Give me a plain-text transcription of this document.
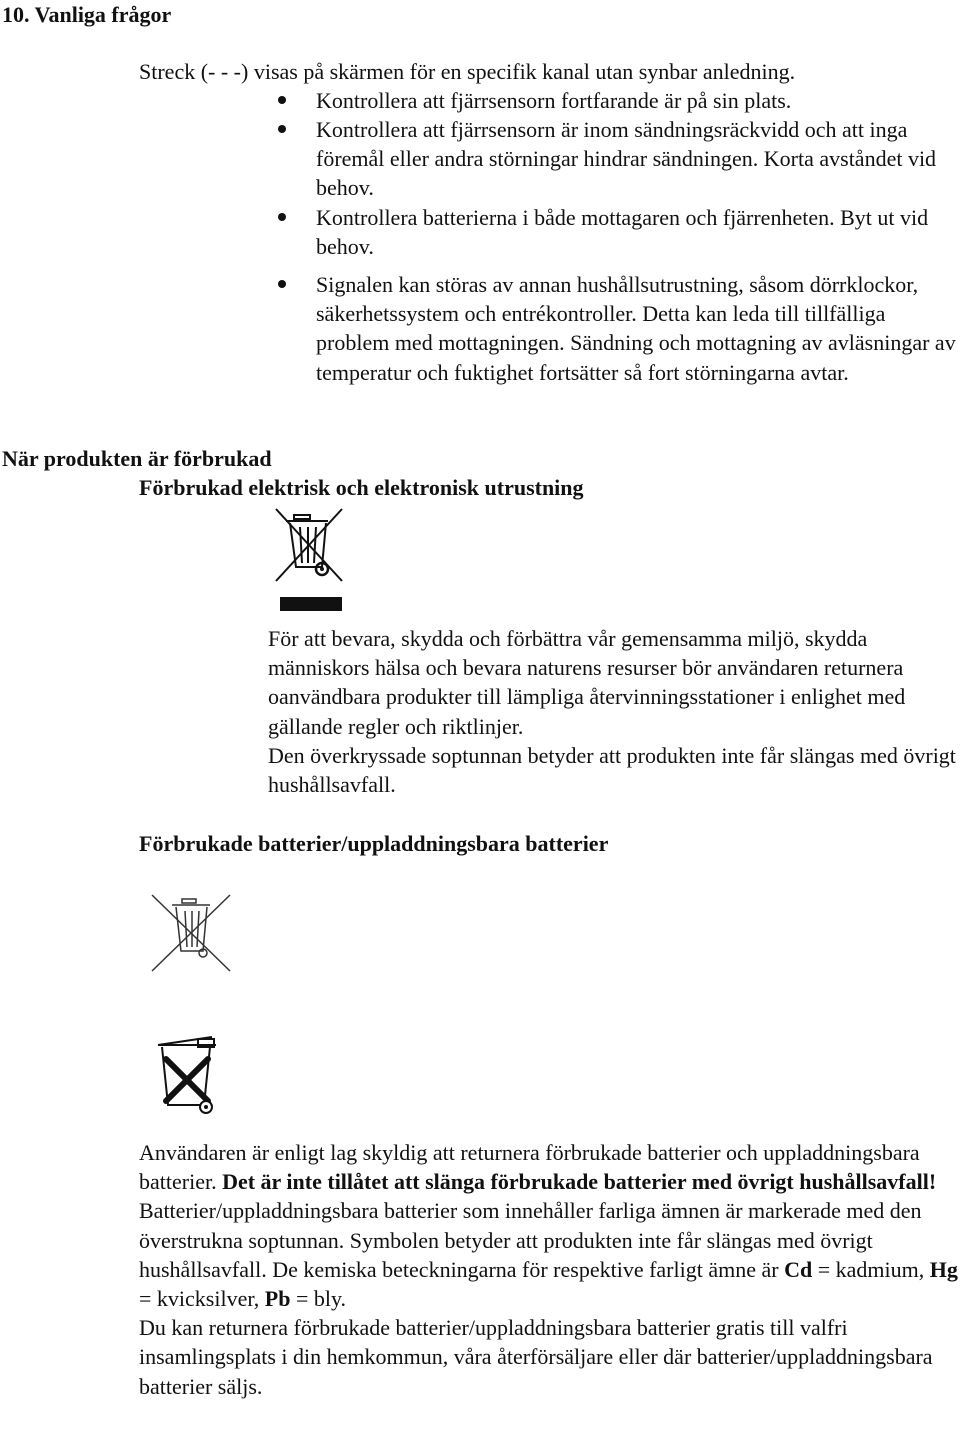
10. Vanliga frågor
Streck (- - -) visas på skärmen för en specifik kanal utan synbar anledning.
Kontrollera att fjärrsensorn fortfarande är på sin plats.
Kontrollera att fjärrsensorn är inom sändningsräckvidd och att inga föremål eller andra störningar hindrar sändningen. Korta avståndet vid behov.
Kontrollera batterierna i både mottagaren och fjärrenheten. Byt ut vid behov.
Signalen kan störas av annan hushållsutrustning, såsom dörrklockor, säkerhetssystem och entrékontroller. Detta kan leda till tillfälliga problem med mottagningen. Sändning och mottagning av avläsningar av temperatur och fuktighet fortsätter så fort störningarna avtar.
När produkten är förbrukad
Förbrukad elektrisk och elektronisk utrustning

För att bevara, skydda och förbättra vår gemensamma miljö, skydda människors hälsa och bevara naturens resurser bör användaren returnera oanvändbara produkter till lämpliga återvinningsstationer i enlighet med gällande regler och riktlinjer.

Den överkryssade soptunnan betyder att produkten inte får slängas med övrigt hushållsavfall.

Förbrukade batterier/uppladdningsbara batterier

Användaren är enligt lag skyldig att returnera förbrukade batterier och uppladdningsbara batterier. Det är inte tillåtet att slänga förbrukade batterier med övrigt hushållsavfall! Batterier/uppladdningsbara batterier som innehåller farliga ämnen är markerade med den överstrukna soptunnan. Symbolen betyder att produkten inte får slängas med övrigt hushållsavfall. De kemiska beteckningarna för respektive farligt ämne är Cd = kadmium, Hg = kvicksilver, Pb = bly.

Du kan returnera förbrukade batterier/uppladdningsbara batterier gratis till valfri insamlingsplats i din hemkommun, våra återförsäljare eller där batterier/uppladdningsbara batterier säljs.
